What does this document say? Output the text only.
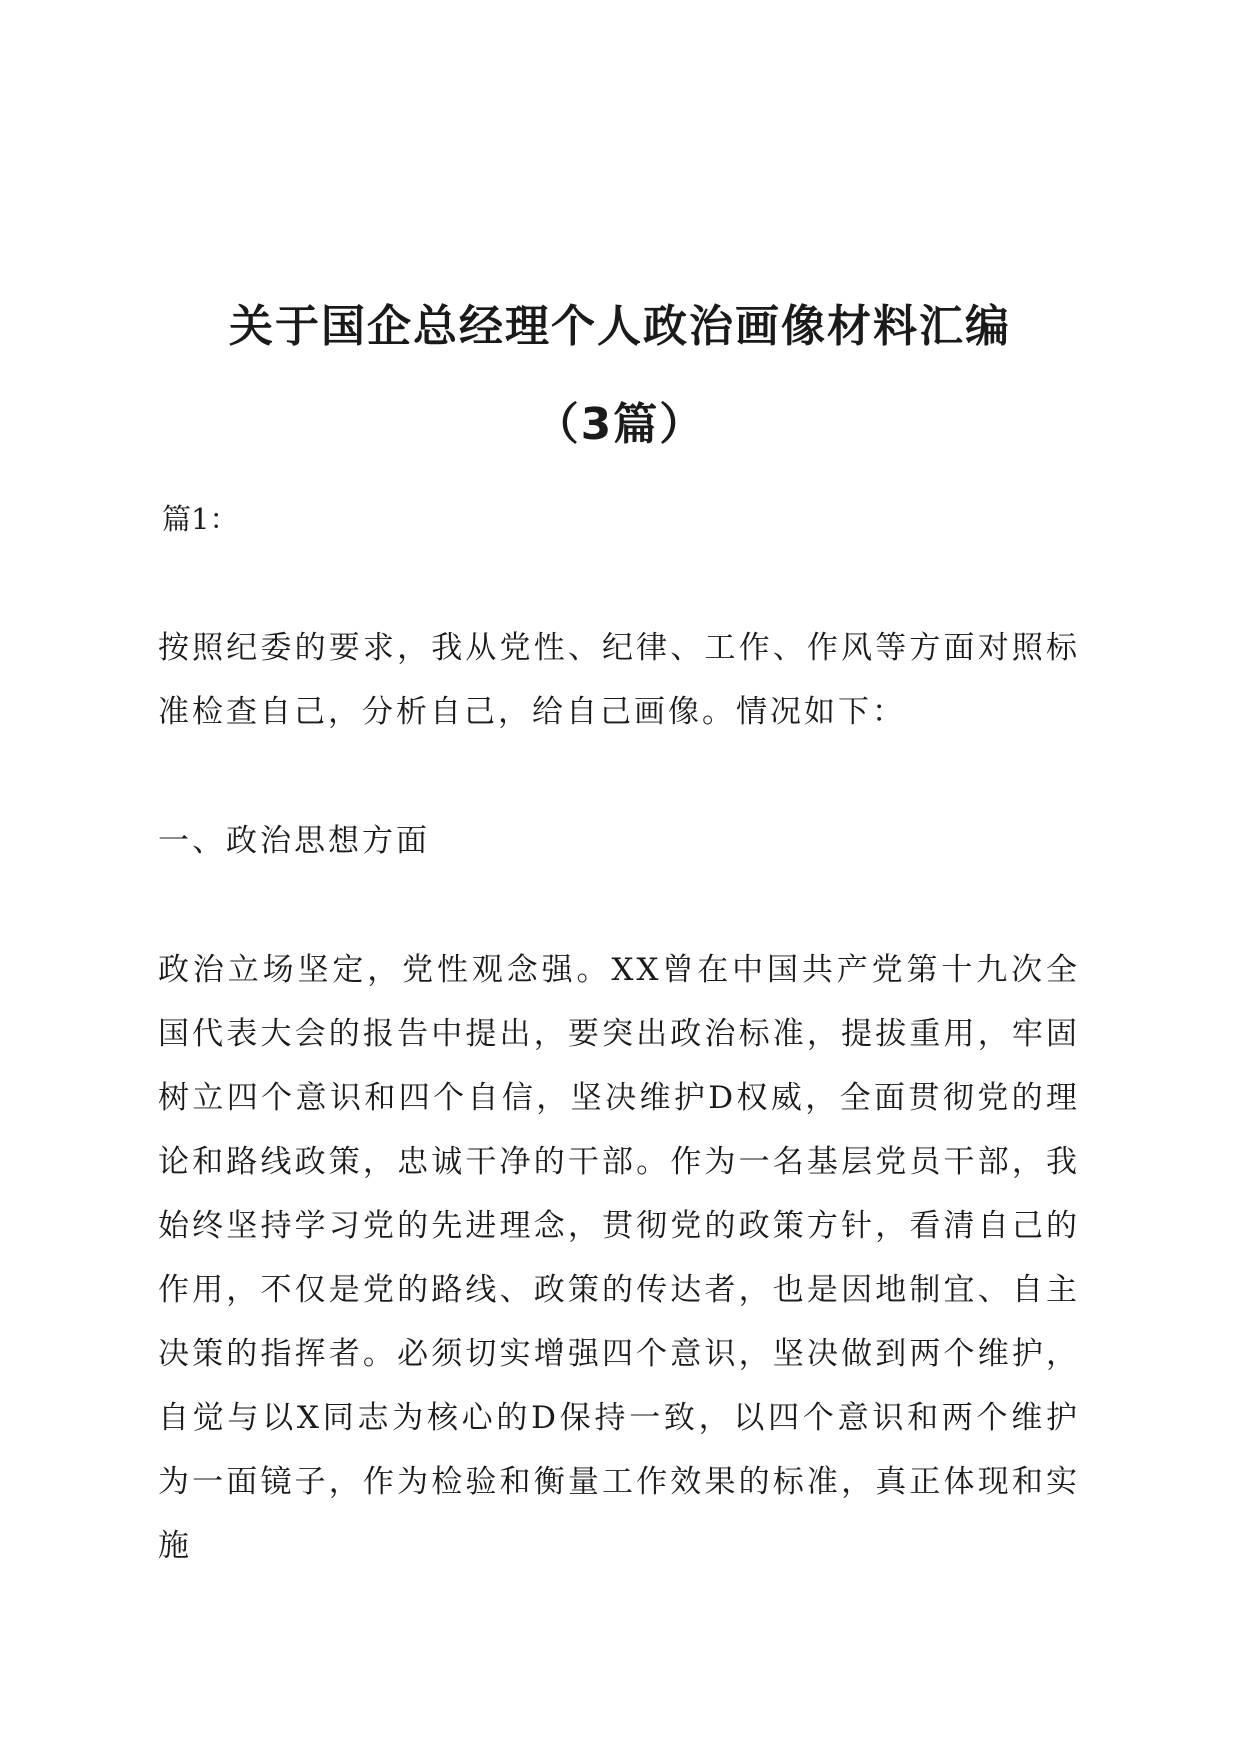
关于国企总经理个人政治画像材料汇编
（3篇）

篇1：

按照纪委的要求，我从党性、纪律、工作、作风等方面对照标准检查自己，分析自己，给自己画像。情况如下：

一、政治思想方面

政治立场坚定，党性观念强。XX曾在中国共产党第十九次全国代表大会的报告中提出，要突出政治标准，提拔重用，牢固树立四个意识和四个自信，坚决维护D权威，全面贯彻党的理论和路线政策，忠诚干净的干部。作为一名基层党员干部，我始终坚持学习党的先进理念，贯彻党的政策方针，看清自己的作用，不仅是党的路线、政策的传达者，也是因地制宜、自主决策的指挥者。必须切实增强四个意识，坚决做到两个维护，自觉与以X同志为核心的D保持一致，以四个意识和两个维护为一面镜子，作为检验和衡量工作效果的标准，真正体现和实施
